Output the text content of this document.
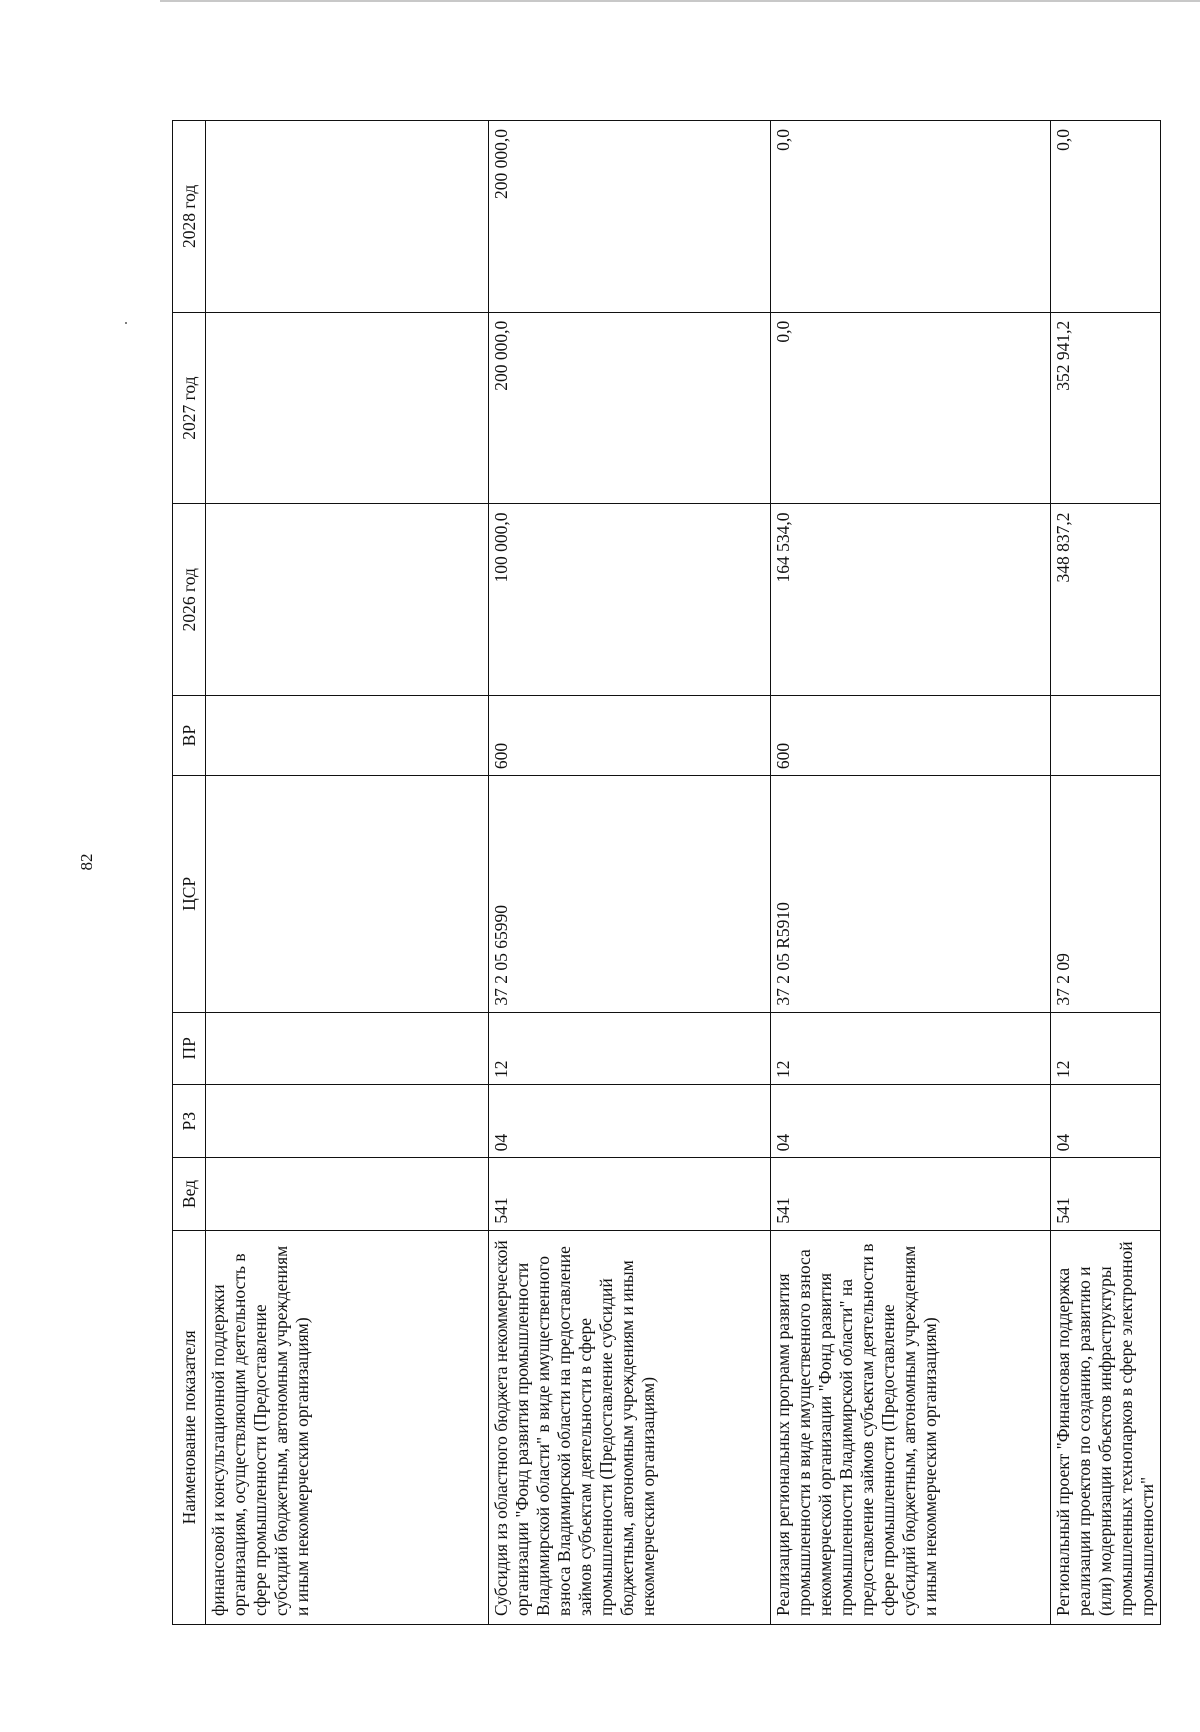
82
Наименование показателя	Вед	РЗ	ПР	ЦСР	ВР	2026 год	2027 год	2028 год
финансовой и консультационной поддержки организациям, осуществляющим деятельность в сфере промышленности (Предоставление субсидий бюджетным, автономным учреждениям и иным некоммерческим организациям)								
Субсидия из областного бюджета некоммерческой организации "Фонд развития промышленности Владимирской области" в виде имущественного взноса Владимирской области на предоставление займов субъектам деятельности в сфере промышленности (Предоставление субсидий бюджетным, автономным учреждениям и иным некоммерческим организациям)	541	04	12	37 2 05 65990	600	100 000,0	200 000,0	200 000,0
Реализация региональных программ развития промышленности в виде имущественного взноса некоммерческой организации "Фонд развития промышленности Владимирской области" на предоставление займов субъектам деятельности в сфере промышленности (Предоставление субсидий бюджетным, автономным учреждениям и иным некоммерческим организациям)	541	04	12	37 2 05 R5910	600	164 534,0	0,0	0,0
Региональный проект "Финансовая поддержка реализации проектов по созданию, развитию и (или) модернизации объектов инфраструктуры промышленных технопарков в сфере электронной промышленности"	541	04	12	37 2 09		348 837,2	352 941,2	0,0
